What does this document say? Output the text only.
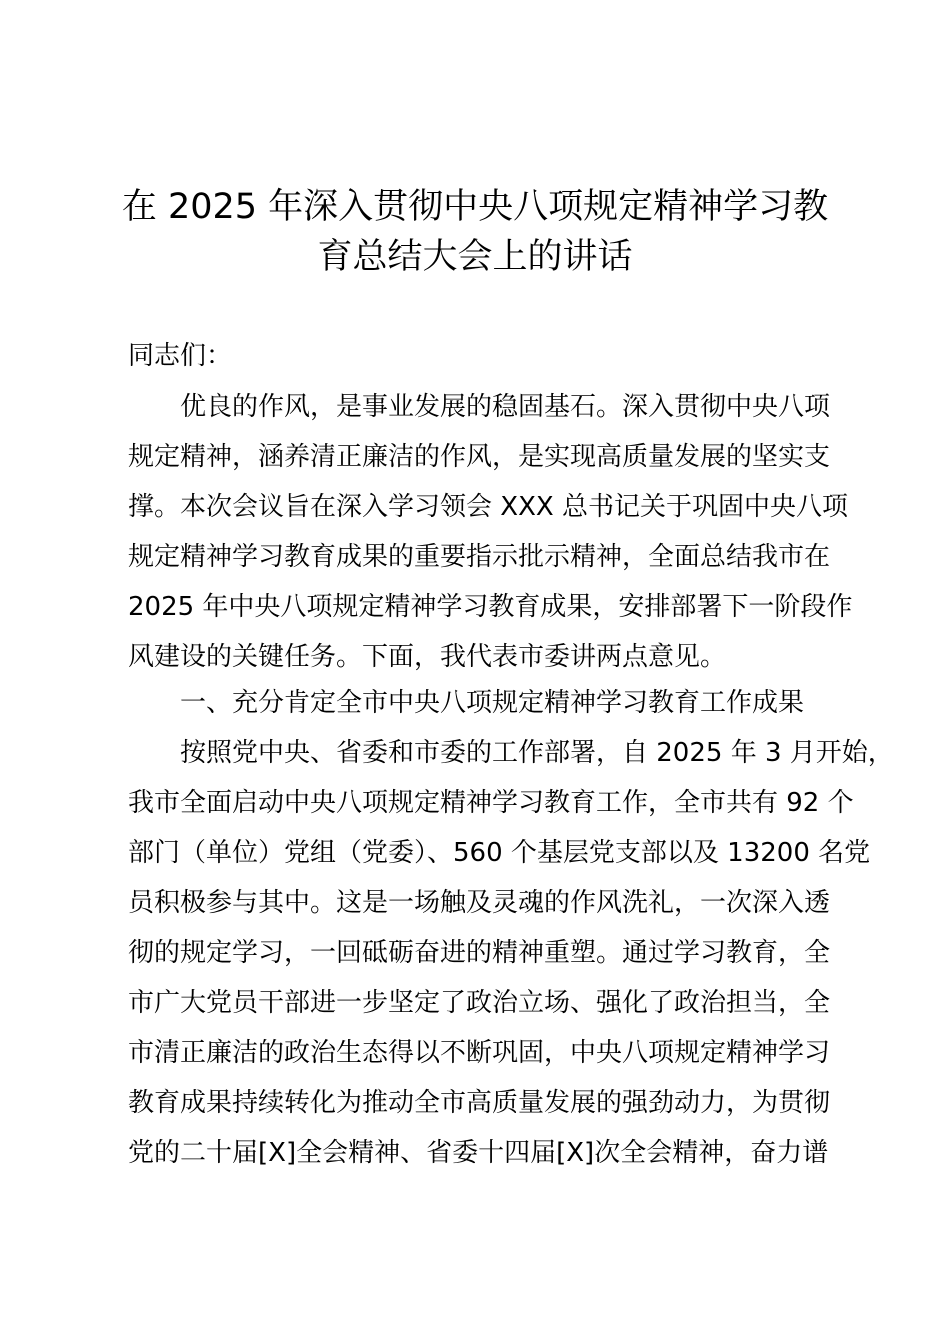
在 2025 年深入贯彻中央八项规定精神学习教
育总结大会上的讲话
同志们：
　　优良的作风，是事业发展的稳固基石。深入贯彻中央八项
规定精神，涵养清正廉洁的作风，是实现高质量发展的坚实支
撑。本次会议旨在深入学习领会 XXX 总书记关于巩固中央八项
规定精神学习教育成果的重要指示批示精神，全面总结我市在
2025 年中央八项规定精神学习教育成果，安排部署下一阶段作
风建设的关键任务。下面，我代表市委讲两点意见。
　　一、充分肯定全市中央八项规定精神学习教育工作成果
　　按照党中央、省委和市委的工作部署，自 2025 年 3 月开始，
我市全面启动中央八项规定精神学习教育工作，全市共有 92 个
部门（单位）党组（党委）、560 个基层党支部以及 13200 名党
员积极参与其中。这是一场触及灵魂的作风洗礼，一次深入透
彻的规定学习，一回砥砺奋进的精神重塑。通过学习教育，全
市广大党员干部进一步坚定了政治立场、强化了政治担当，全
市清正廉洁的政治生态得以不断巩固，中央八项规定精神学习
教育成果持续转化为推动全市高质量发展的强劲动力，为贯彻
党的二十届[X]全会精神、省委十四届[X]次全会精神，奋力谱
